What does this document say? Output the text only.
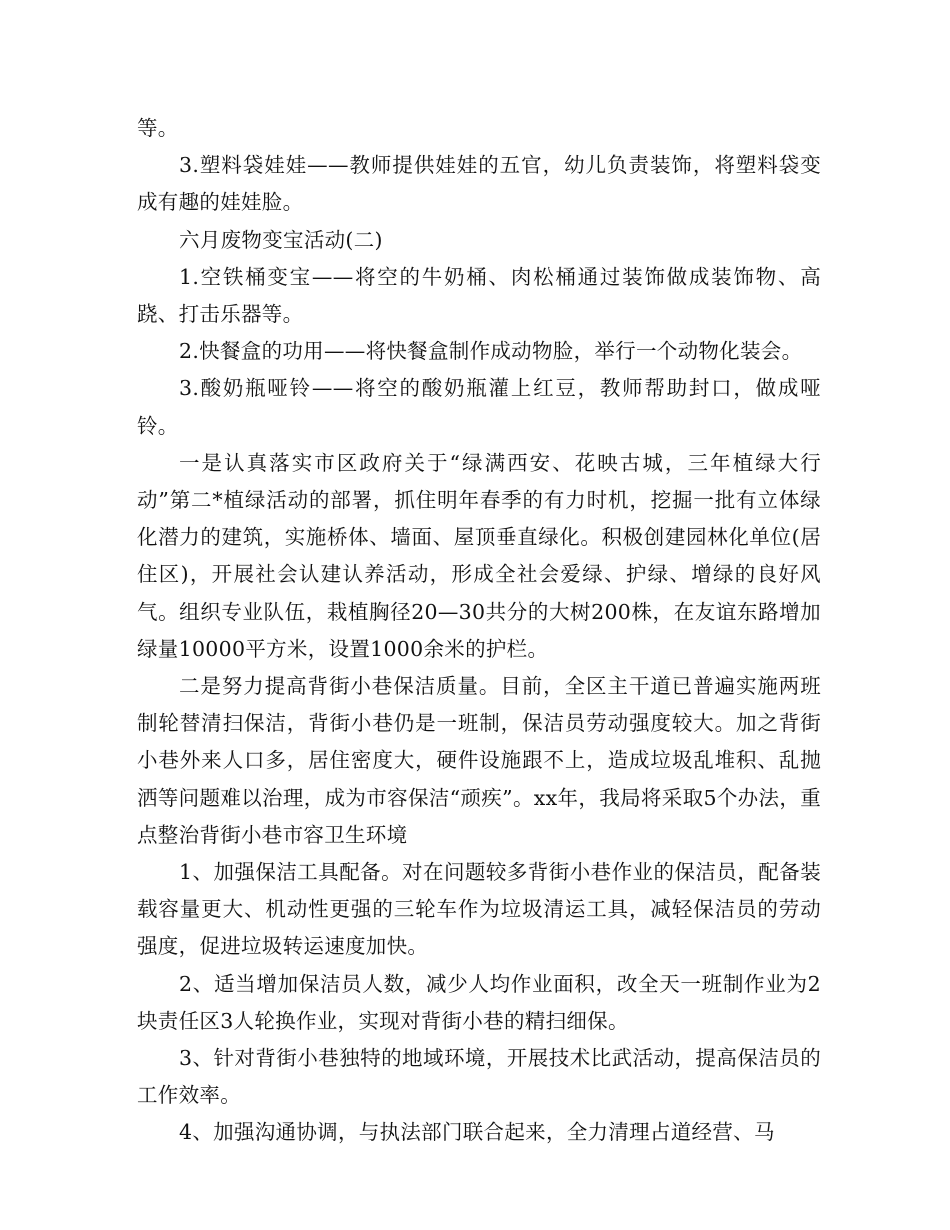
等。

3.塑料袋娃娃——教师提供娃娃的五官，幼儿负责装饰，将塑料袋变成有趣的娃娃脸。

六月废物变宝活动(二)

1.空铁桶变宝——将空的牛奶桶、肉松桶通过装饰做成装饰物、高跷、打击乐器等。

2.快餐盒的功用——将快餐盒制作成动物脸，举行一个动物化装会。

3.酸奶瓶哑铃——将空的酸奶瓶灌上红豆，教师帮助封口，做成哑铃。

一是认真落实市区政府关于“绿满西安、花映古城，三年植绿大行动”第二*植绿活动的部署，抓住明年春季的有力时机，挖掘一批有立体绿化潜力的建筑，实施桥体、墙面、屋顶垂直绿化。积极创建园林化单位(居住区)，开展社会认建认养活动，形成全社会爱绿、护绿、增绿的良好风气。组织专业队伍，栽植胸径20—30共分的大树200株，在友谊东路增加绿量10000平方米，设置1000余米的护栏。

二是努力提高背街小巷保洁质量。目前，全区主干道已普遍实施两班制轮替清扫保洁，背街小巷仍是一班制，保洁员劳动强度较大。加之背街小巷外来人口多，居住密度大，硬件设施跟不上，造成垃圾乱堆积、乱抛洒等问题难以治理，成为市容保洁“顽疾”。xx年，我局将采取5个办法，重点整治背街小巷市容卫生环境

1、加强保洁工具配备。对在问题较多背街小巷作业的保洁员，配备装载容量更大、机动性更强的三轮车作为垃圾清运工具，减轻保洁员的劳动强度，促进垃圾转运速度加快。

2、适当增加保洁员人数，减少人均作业面积，改全天一班制作业为2块责任区3人轮换作业，实现对背街小巷的精扫细保。

3、针对背街小巷独特的地域环境，开展技术比武活动，提高保洁员的工作效率。

4、加强沟通协调，与执法部门联合起来，全力清理占道经营、马
